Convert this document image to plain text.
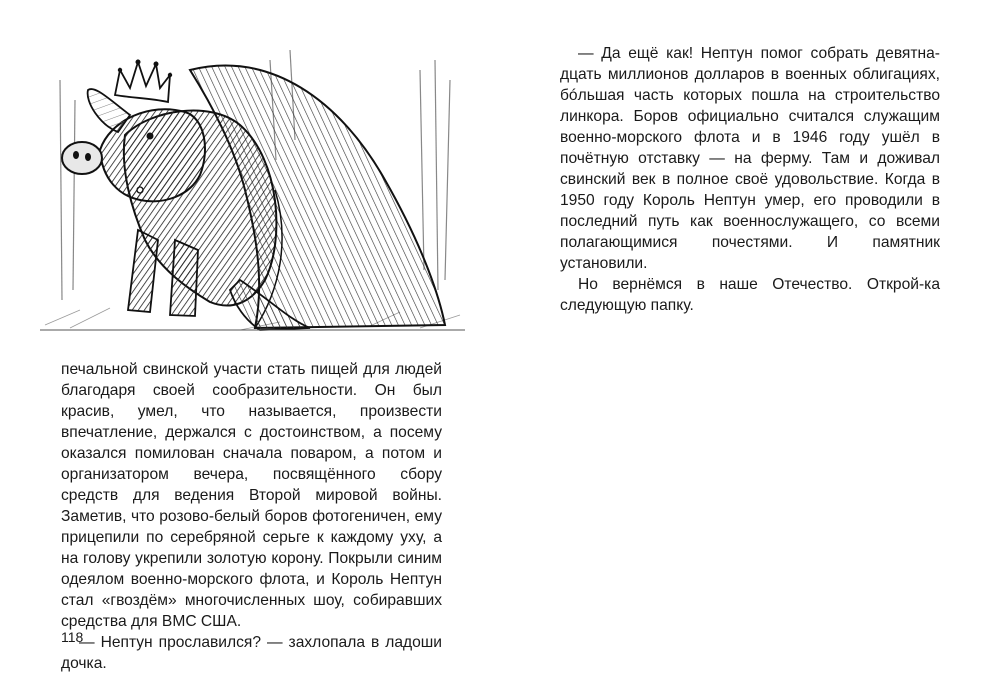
печальной свинской участи стать пищей для людей благодаря своей сообразительности. Он был красив, умел, что называется, произвести впечатление, держался с достоинством, а посему оказался помилован сначала поваром, а потом и организатором вечера, посвящённого сбору средств для ведения Второй мировой войны. Заметив, что розово-белый боров фотогеничен, ему прицепили по серебряной серьге к каждому уху, а на голову укрепили золотую корону. Покрыли синим одеялом военно-морского флота, и Король Нептун стал «гвоздём» многочисленных шоу, собиравших средства для ВМС США.

— Нептун прославился? — захлопала в ладоши дочка.

118

— Да ещё как! Нептун помог собрать девятнадцать миллионов долларов в военных облигациях, бóльшая часть которых пошла на строительство линкора. Боров официально считался служащим военно-морского флота и в 1946 году ушёл в почётную отставку — на ферму. Там и доживал свинский век в полное своё удовольствие. Когда в 1950 году Король Нептун умер, его проводили в последний путь как военнослужащего, со всеми полагающимися почестями. И памятник установили.

Но вернёмся в наше Отечество. Открой-ка следующую папку.
